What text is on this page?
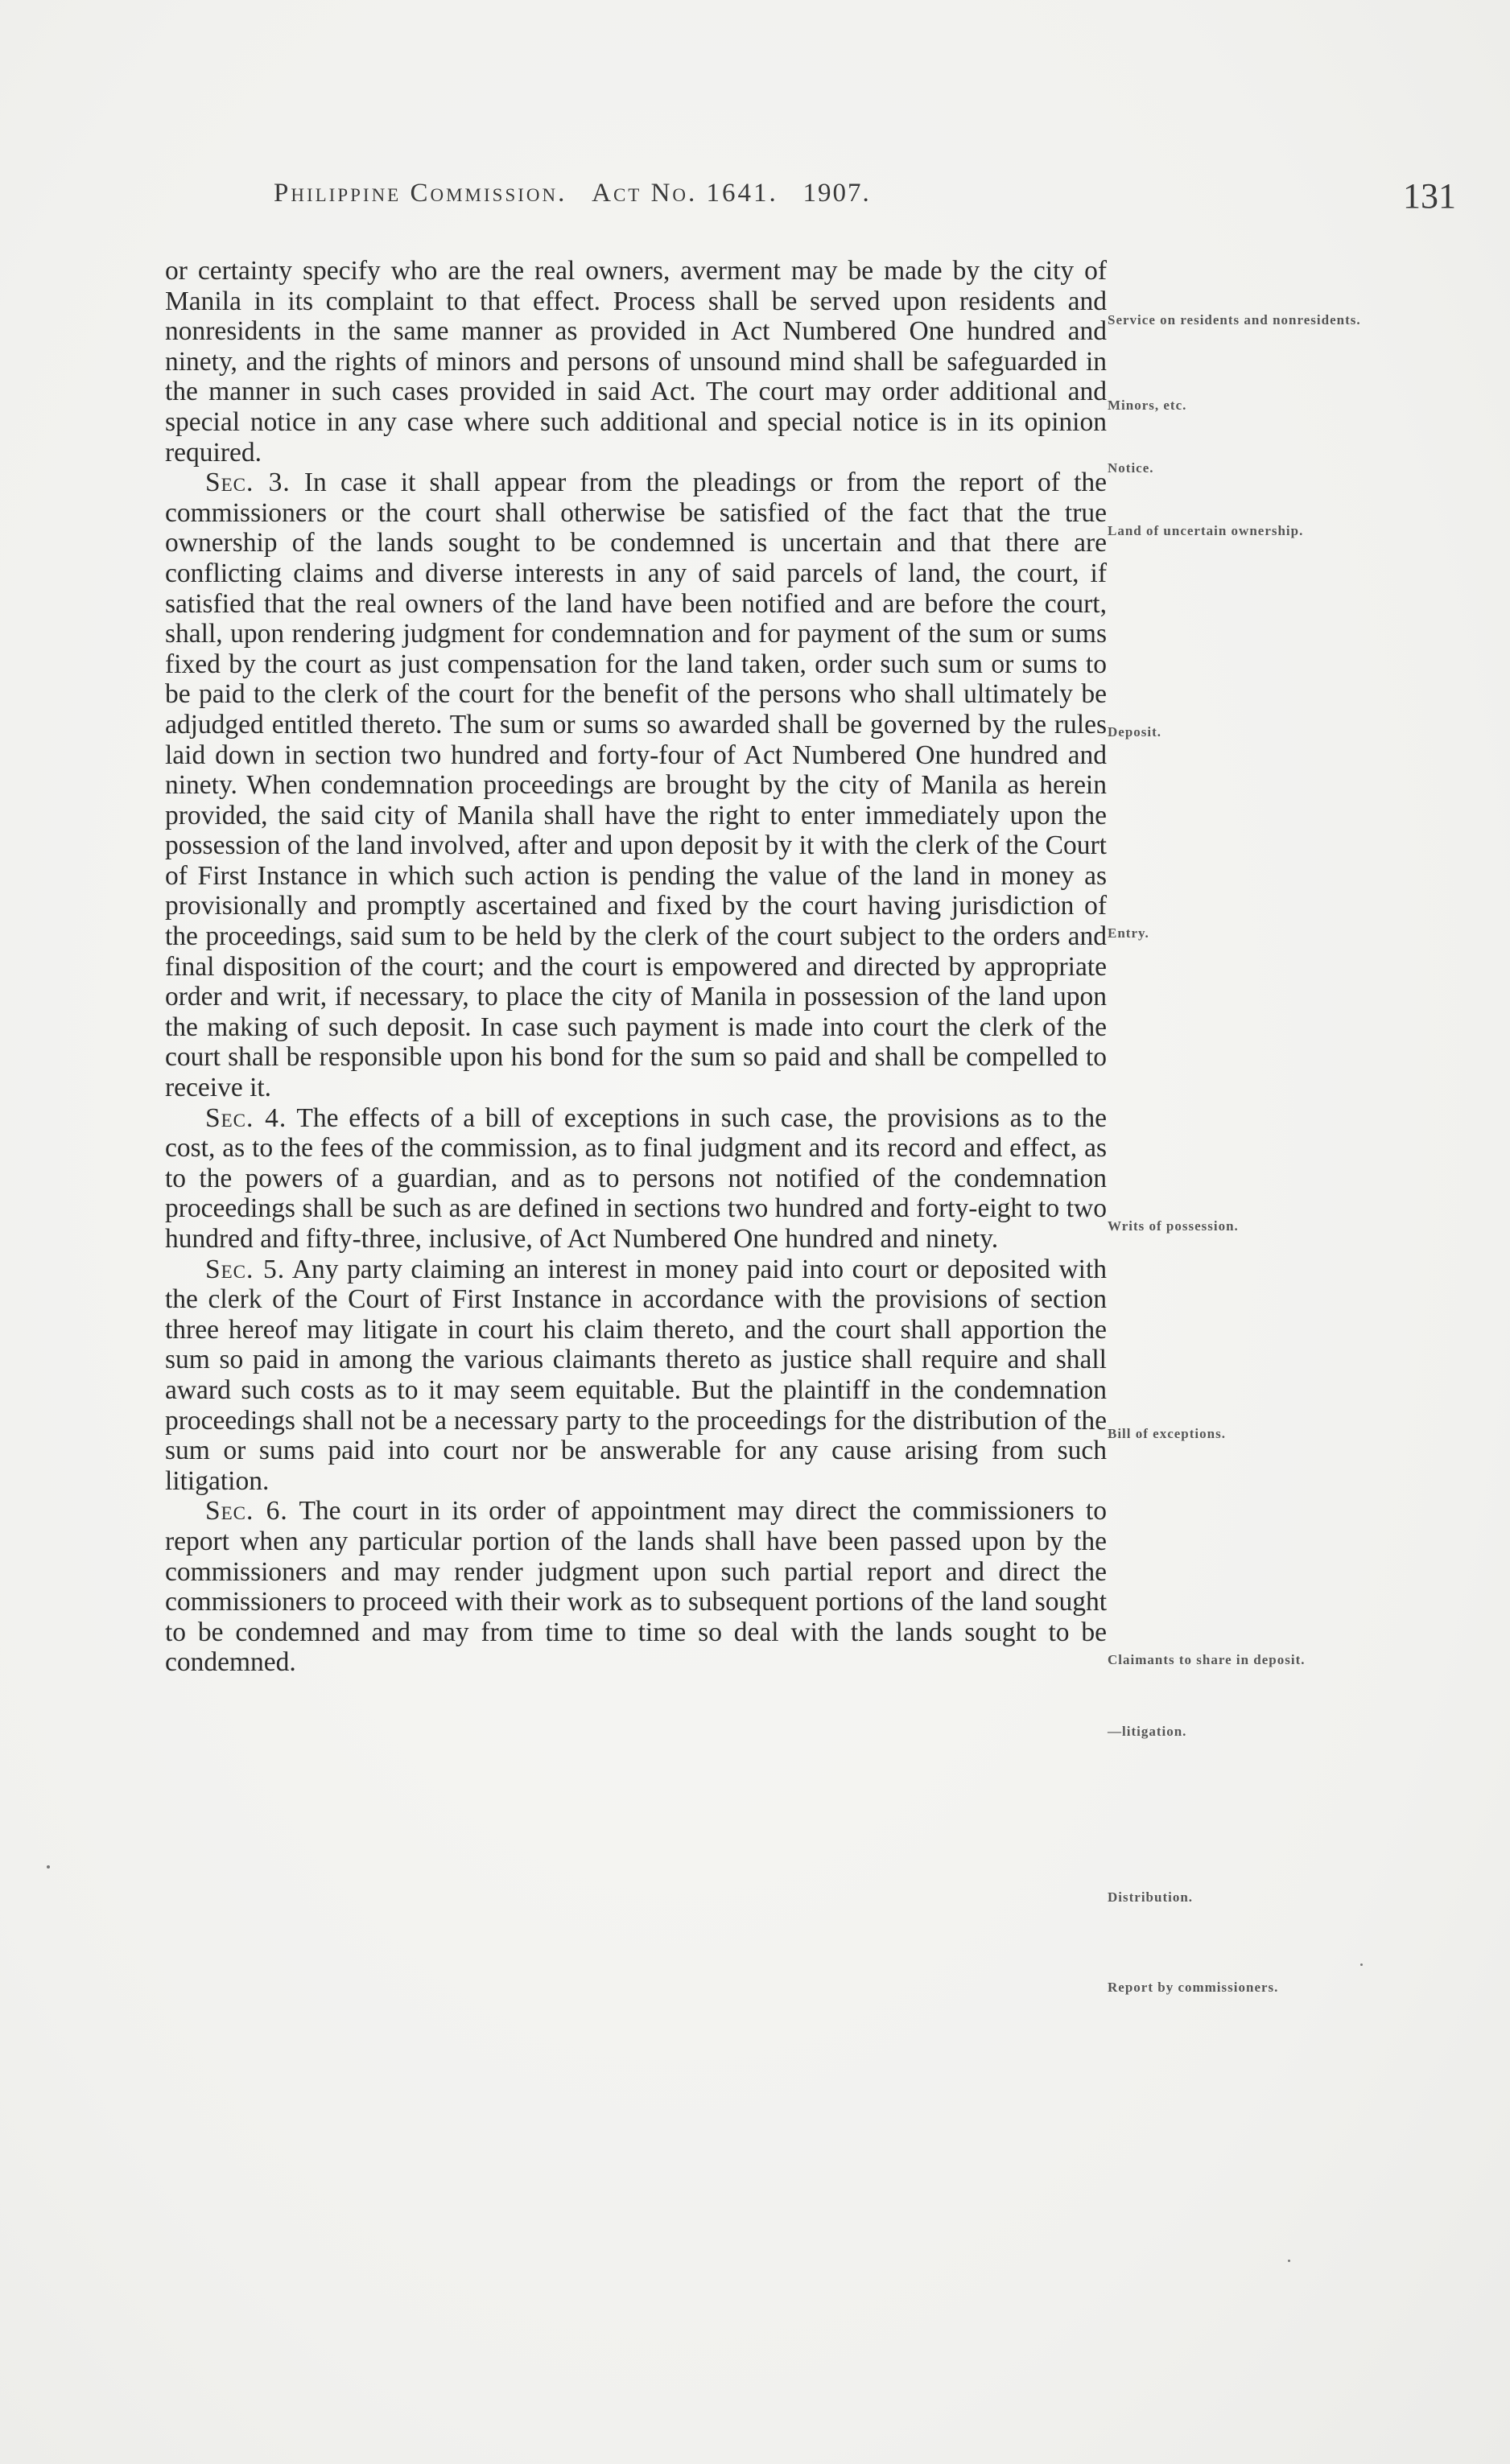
Philippine Commission. Act No. 1641. 1907.	131

or certainty specify who are the real owners, averment may be made by the city of Manila in its complaint to that effect. Process shall be served upon residents and nonresidents in the same manner as provided in Act Numbered One hundred and ninety, and the rights of minors and persons of unsound mind shall be safeguarded in the manner in such cases provided in said Act. The court may order additional and special notice in any case where such additional and special notice is in its opinion required.

Sec. 3. In case it shall appear from the pleadings or from the report of the commissioners or the court shall otherwise be satisfied of the fact that the true ownership of the lands sought to be condemned is uncertain and that there are conflicting claims and diverse interests in any of said parcels of land, the court, if satisfied that the real owners of the land have been notified and are before the court, shall, upon rendering judgment for condemnation and for payment of the sum or sums fixed by the court as just compensation for the land taken, order such sum or sums to be paid to the clerk of the court for the benefit of the persons who shall ultimately be adjudged entitled thereto. The sum or sums so awarded shall be governed by the rules laid down in section two hundred and forty-four of Act Numbered One hundred and ninety. When condemnation proceedings are brought by the city of Manila as herein provided, the said city of Manila shall have the right to enter immediately upon the possession of the land involved, after and upon deposit by it with the clerk of the Court of First Instance in which such action is pending the value of the land in money as provisionally and promptly ascertained and fixed by the court having jurisdiction of the proceedings, said sum to be held by the clerk of the court subject to the orders and final disposition of the court; and the court is empowered and directed by appropriate order and writ, if necessary, to place the city of Manila in possession of the land upon the making of such deposit. In case such payment is made into court the clerk of the court shall be responsible upon his bond for the sum so paid and shall be compelled to receive it.

Sec. 4. The effects of a bill of exceptions in such case, the provisions as to the cost, as to the fees of the commission, as to final judgment and its record and effect, as to the powers of a guardian, and as to persons not notified of the condemnation proceedings shall be such as are defined in sections two hundred and forty-eight to two hundred and fifty-three, inclusive, of Act Numbered One hundred and ninety.

Sec. 5. Any party claiming an interest in money paid into court or deposited with the clerk of the Court of First Instance in accordance with the provisions of section three hereof may litigate in court his claim thereto, and the court shall apportion the sum so paid in among the various claimants thereto as justice shall require and shall award such costs as to it may seem equitable. But the plaintiff in the condemnation proceedings shall not be a necessary party to the proceedings for the distribution of the sum or sums paid into court nor be answerable for any cause arising from such litigation.

Sec. 6. The court in its order of appointment may direct the commissioners to report when any particular portion of the lands shall have been passed upon by the commissioners and may render judgment upon such partial report and direct the commissioners to proceed with their work as to subsequent portions of the land sought to be condemned and may from time to time so deal with the lands sought to be condemned.

Service on residents and nonresidents.
Minors, etc.
Notice.
Land of uncertain ownership.
Deposit.
Entry.
Writs of possession.
Bill of exceptions.
Claimants to share in deposit.
—litigation.
Distribution.
Report by commissioners.
